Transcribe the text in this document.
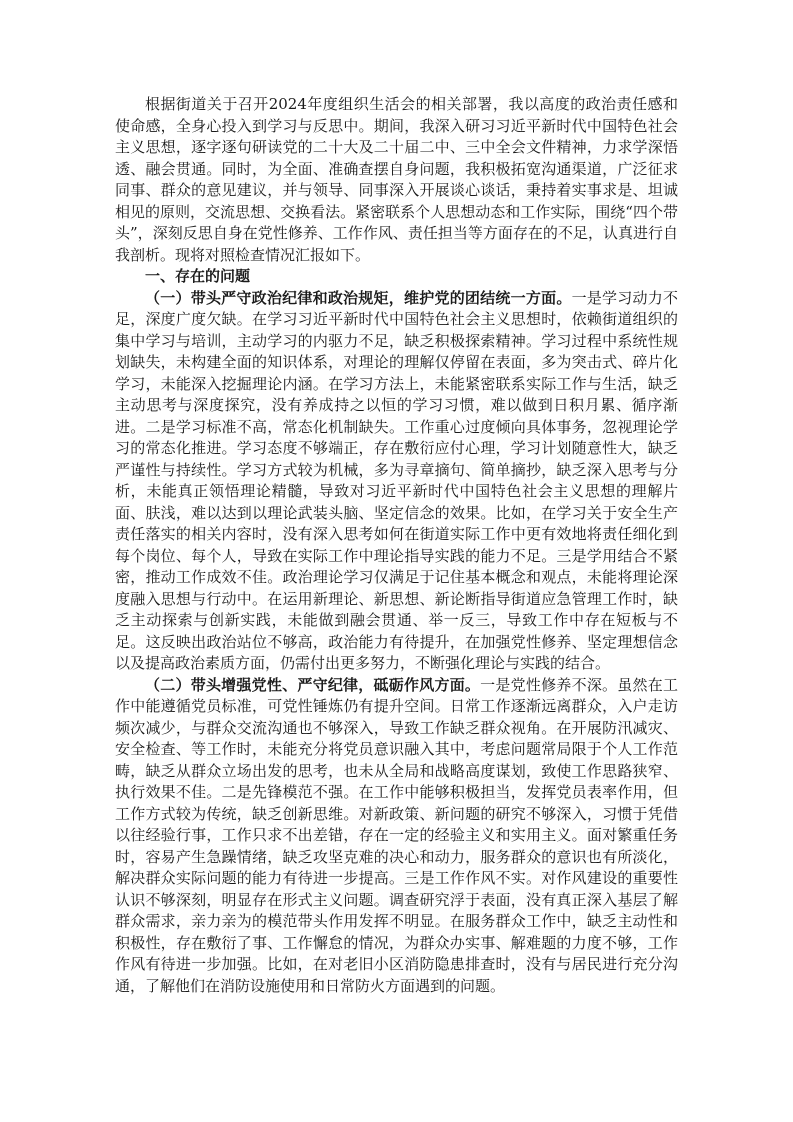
根据街道关于召开2024年度组织生活会的相关部署，我以高度的政治责任感和使命感，全身心投入到学习与反思中。期间，我深入研习习近平新时代中国特色社会主义思想，逐字逐句研读党的二十大及二十届二中、三中全会文件精神，力求学深悟透、融会贯通。同时，为全面、准确查摆自身问题，我积极拓宽沟通渠道，广泛征求同事、群众的意见建议，并与领导、同事深入开展谈心谈话，秉持着实事求是、坦诚相见的原则，交流思想、交换看法。紧密联系个人思想动态和工作实际，围绕“四个带头”，深刻反思自身在党性修养、工作作风、责任担当等方面存在的不足，认真进行自我剖析。现将对照检查情况汇报如下。

一、存在的问题

（一）带头严守政治纪律和政治规矩，维护党的团结统一方面。一是学习动力不足，深度广度欠缺。在学习习近平新时代中国特色社会主义思想时，依赖街道组织的集中学习与培训，主动学习的内驱力不足，缺乏积极探索精神。学习过程中系统性规划缺失，未构建全面的知识体系，对理论的理解仅停留在表面，多为突击式、碎片化学习，未能深入挖掘理论内涵。在学习方法上，未能紧密联系实际工作与生活，缺乏主动思考与深度探究，没有养成持之以恒的学习习惯，难以做到日积月累、循序渐进。二是学习标准不高，常态化机制缺失。工作重心过度倾向具体事务，忽视理论学习的常态化推进。学习态度不够端正，存在敷衍应付心理，学习计划随意性大，缺乏严谨性与持续性。学习方式较为机械，多为寻章摘句、简单摘抄，缺乏深入思考与分析，未能真正领悟理论精髓，导致对习近平新时代中国特色社会主义思想的理解片面、肤浅，难以达到以理论武装头脑、坚定信念的效果。比如，在学习关于安全生产责任落实的相关内容时，没有深入思考如何在街道实际工作中更有效地将责任细化到每个岗位、每个人，导致在实际工作中理论指导实践的能力不足。三是学用结合不紧密，推动工作成效不佳。政治理论学习仅满足于记住基本概念和观点，未能将理论深度融入思想与行动中。在运用新理论、新思想、新论断指导街道应急管理工作时，缺乏主动探索与创新实践，未能做到融会贯通、举一反三，导致工作中存在短板与不足。这反映出政治站位不够高，政治能力有待提升，在加强党性修养、坚定理想信念以及提高政治素质方面，仍需付出更多努力，不断强化理论与实践的结合。

（二）带头增强党性、严守纪律，砥砺作风方面。一是党性修养不深。虽然在工作中能遵循党员标准，可党性锤炼仍有提升空间。日常工作逐渐远离群众，入户走访频次减少，与群众交流沟通也不够深入，导致工作缺乏群众视角。在开展防汛减灾、安全检查、等工作时，未能充分将党员意识融入其中，考虑问题常局限于个人工作范畴，缺乏从群众立场出发的思考，也未从全局和战略高度谋划，致使工作思路狭窄、执行效果不佳。二是先锋模范不强。在工作中能够积极担当，发挥党员表率作用，但工作方式较为传统，缺乏创新思维。对新政策、新问题的研究不够深入，习惯于凭借以往经验行事，工作只求不出差错，存在一定的经验主义和实用主义。面对繁重任务时，容易产生急躁情绪，缺乏攻坚克难的决心和动力，服务群众的意识也有所淡化，解决群众实际问题的能力有待进一步提高。三是工作作风不实。对作风建设的重要性认识不够深刻，明显存在形式主义问题。调查研究浮于表面，没有真正深入基层了解群众需求，亲力亲为的模范带头作用发挥不明显。在服务群众工作中，缺乏主动性和积极性，存在敷衍了事、工作懈怠的情况，为群众办实事、解难题的力度不够，工作作风有待进一步加强。比如，在对老旧小区消防隐患排查时，没有与居民进行充分沟通，了解他们在消防设施使用和日常防火方面遇到的问题。
